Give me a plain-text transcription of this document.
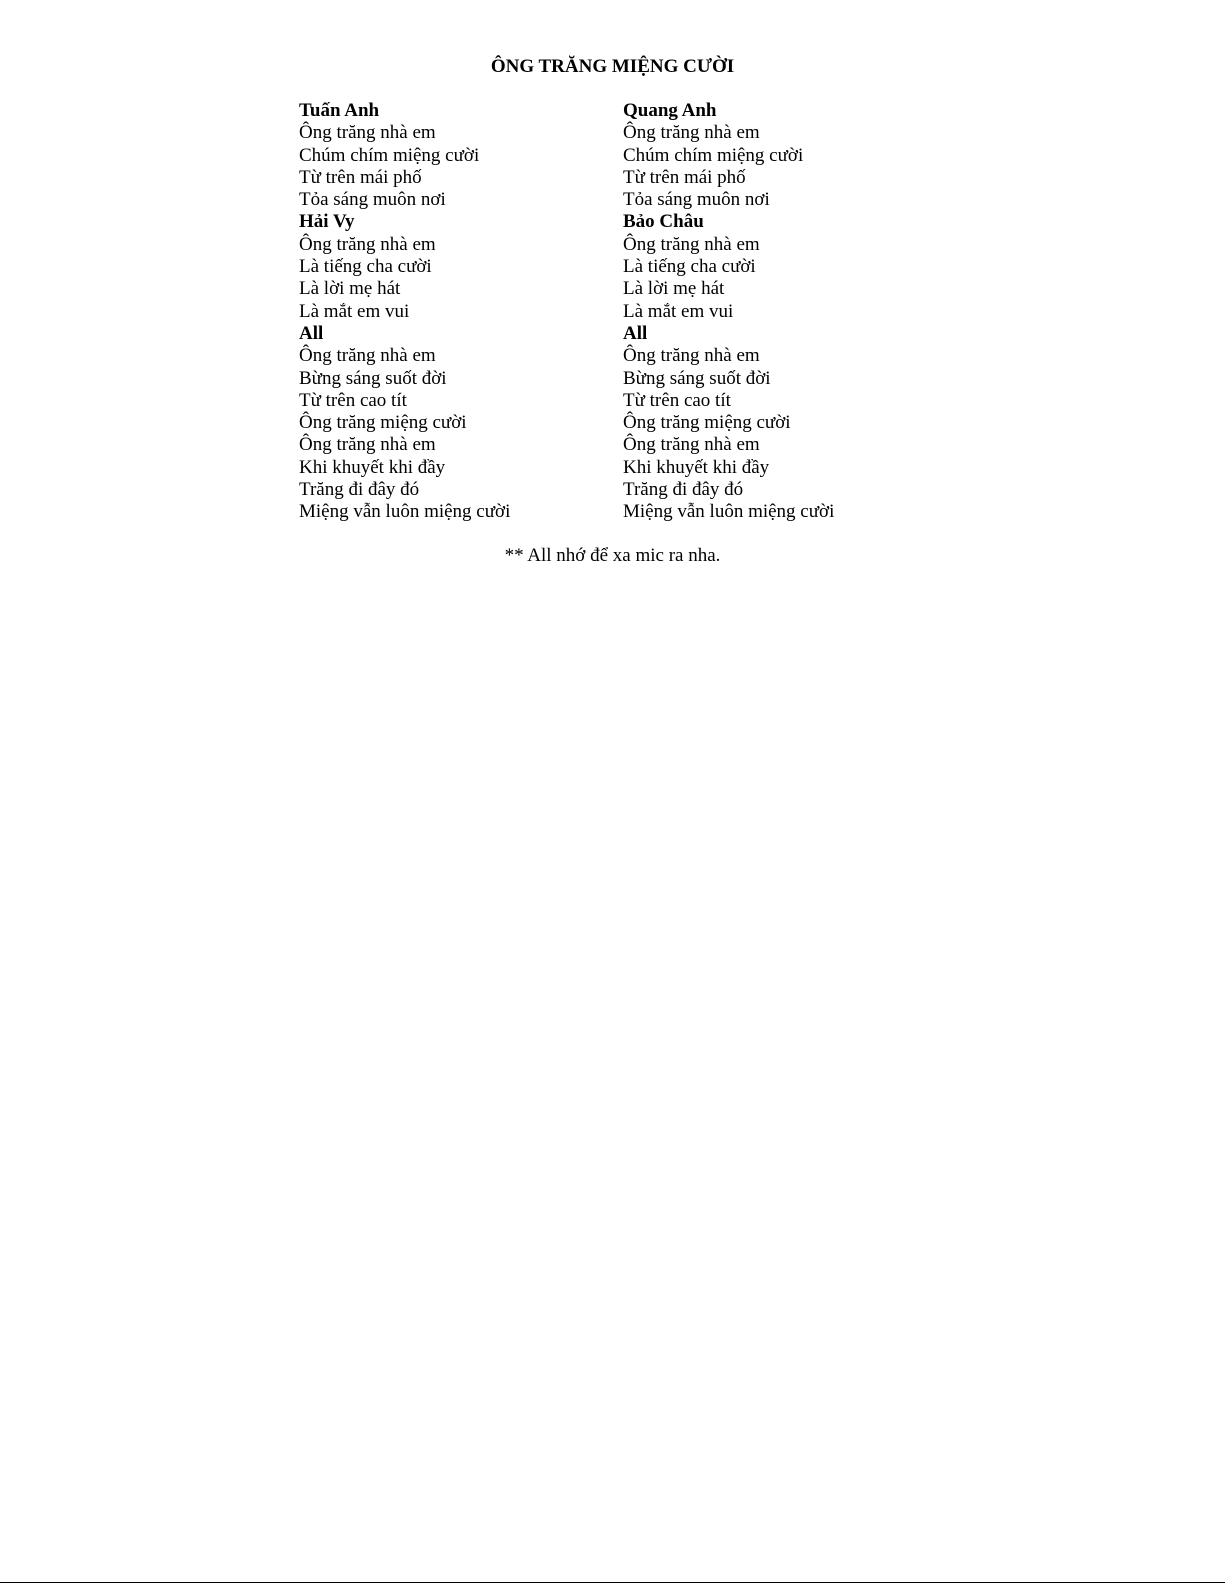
ÔNG TRĂNG MIỆNG CƯỜI
Tuấn Anh
Ông trăng nhà em
Chúm chím miệng cười
Từ trên mái phố
Tỏa sáng muôn nơi
Hải Vy
Ông trăng nhà em
Là tiếng cha cười
Là lời mẹ hát
Là mắt em vui
All
Ông trăng nhà em
Bừng sáng suốt đời
Từ trên cao tít
Ông trăng miệng cười
Ông trăng nhà em
Khi khuyết khi đầy
Trăng đi đây đó
Miệng vẫn luôn miệng cười
Quang Anh
Ông trăng nhà em
Chúm chím miệng cười
Từ trên mái phố
Tỏa sáng muôn nơi
Bảo Châu
Ông trăng nhà em
Là tiếng cha cười
Là lời mẹ hát
Là mắt em vui
All
Ông trăng nhà em
Bừng sáng suốt đời
Từ trên cao tít
Ông trăng miệng cười
Ông trăng nhà em
Khi khuyết khi đầy
Trăng đi đây đó
Miệng vẫn luôn miệng cười
** All nhớ để xa mic ra nha.
